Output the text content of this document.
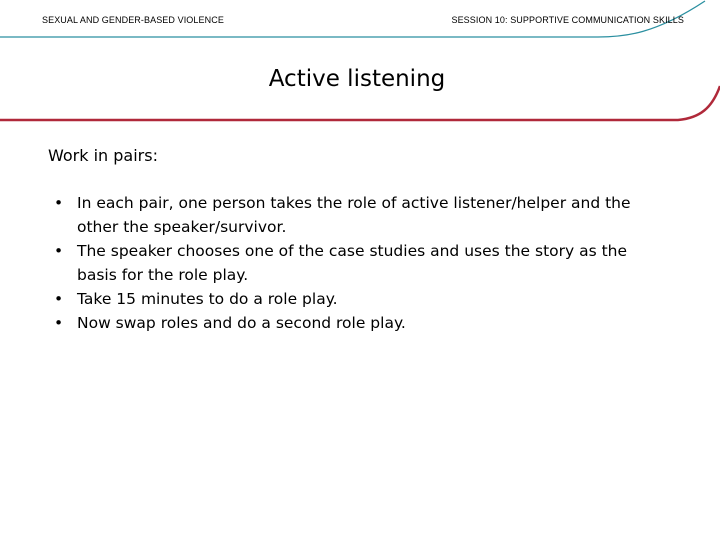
SEXUAL AND GENDER-BASED VIOLENCE	SESSION 10: SUPPORTIVE COMMUNICATION SKILLS
Active listening
Work in pairs:
• In each pair, one person takes the role of active listener/helper and the other the speaker/survivor.
• The speaker chooses one of the case studies and uses the story as the basis for the role play.
• Take 15 minutes to do a role play.
• Now swap roles and do a second role play.
